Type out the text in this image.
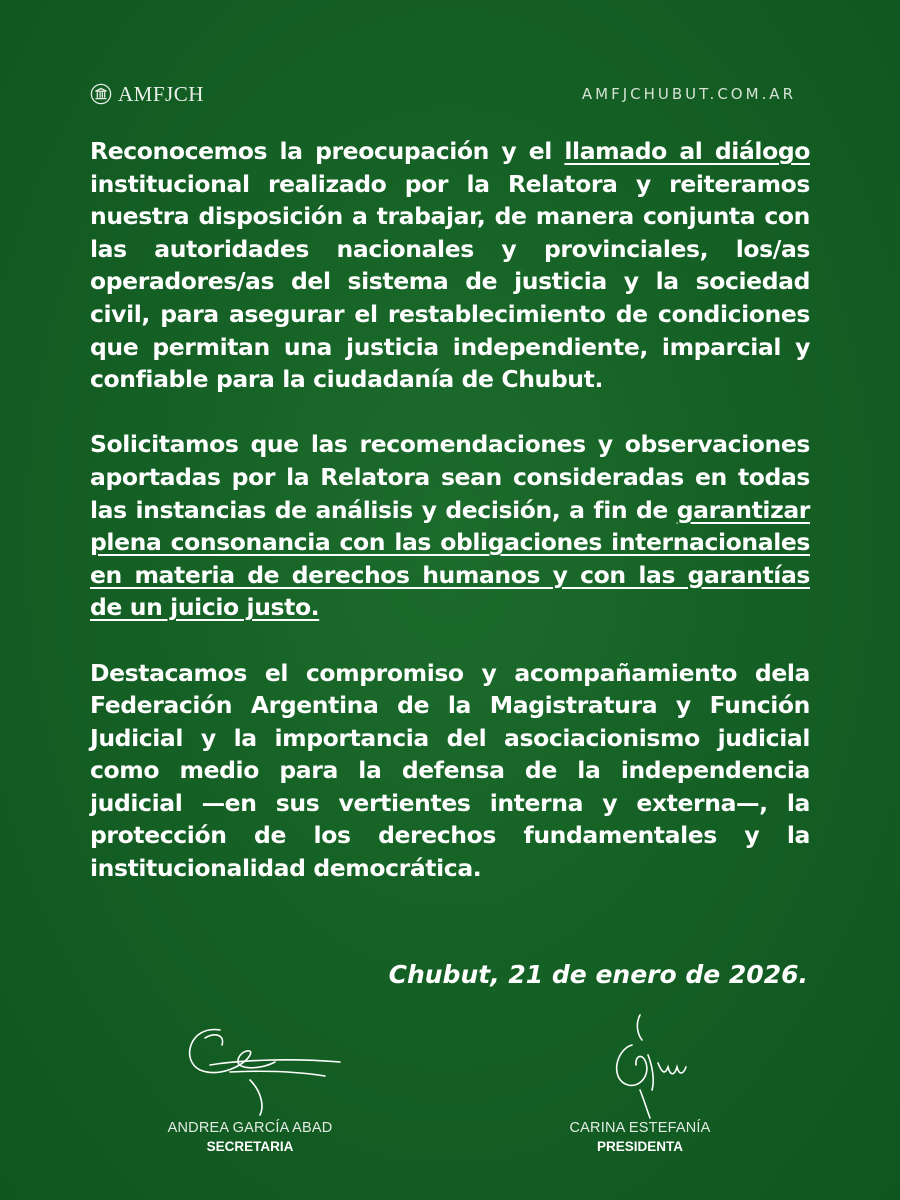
AMFJCH	AMFJCHUBUT.COM.AR

Reconocemos la preocupación y el llamado al diálogo institucional realizado por la Relatora y reiteramos nuestra disposición a trabajar, de manera conjunta con las autoridades nacionales y provinciales, los/as operadores/as del sistema de justicia y la sociedad civil, para asegurar el restablecimiento de condiciones que permitan una justicia independiente, imparcial y confiable para la ciudadanía de Chubut.

Solicitamos que las recomendaciones y observaciones aportadas por la Relatora sean consideradas en todas las instancias de análisis y decisión, a fin de garantizar plena consonancia con las obligaciones internacionales en materia de derechos humanos y con las garantías de un juicio justo.

Destacamos el compromiso y acompañamiento dela Federación Argentina de la Magistratura y Función Judicial y la importancia del asociacionismo judicial como medio para la defensa de la independencia judicial —en sus vertientes interna y externa—, la protección de los derechos fundamentales y la institucionalidad democrática.

Chubut, 21 de enero de 2026.
ANDREA GARCÍA ABAD
SECRETARIA
CARINA ESTEFANÍA
PRESIDENTA
